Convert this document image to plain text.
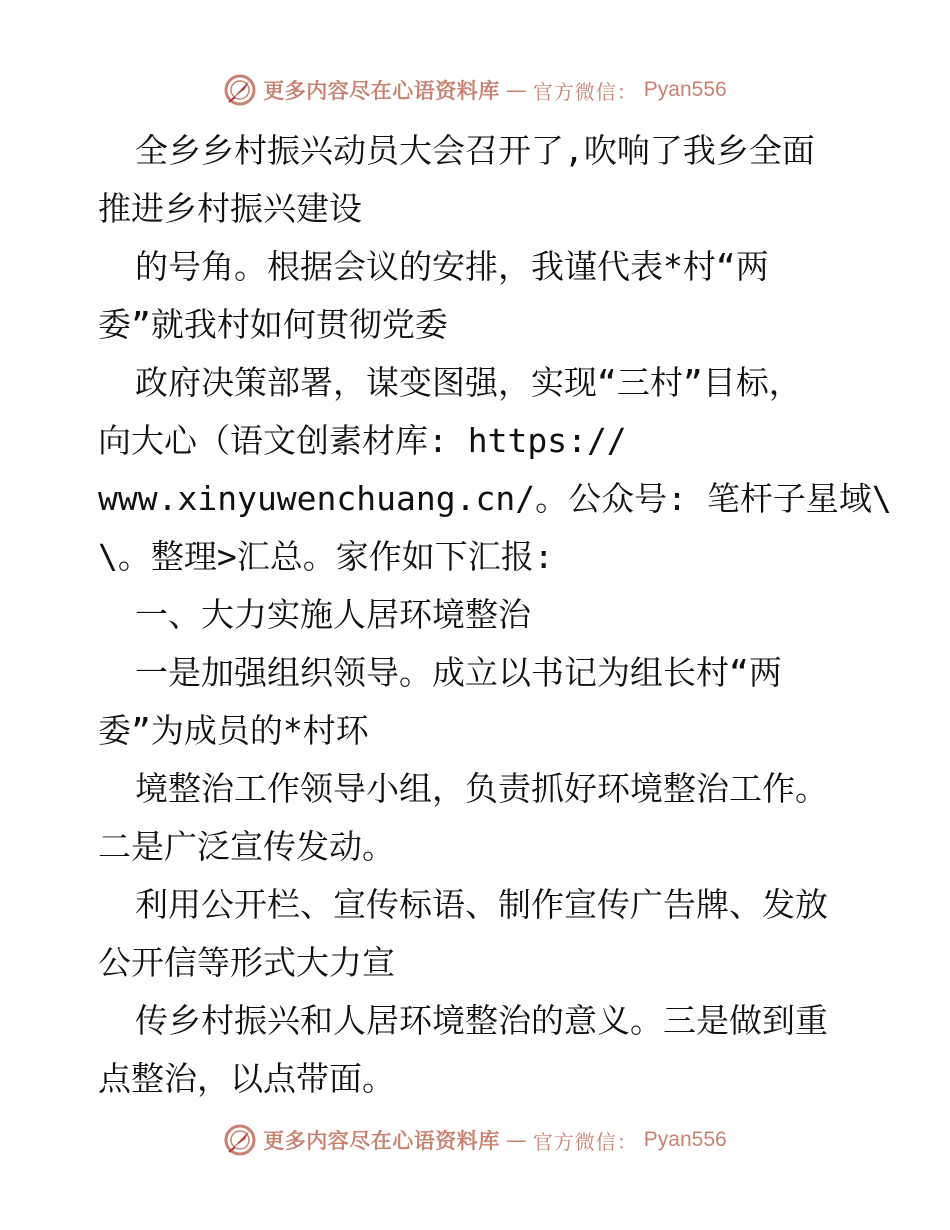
更多内容尽在心语资料库 — 官方微信： Pyan556
全乡乡村振兴动员大会召开了,吹响了我乡全面
推进乡村振兴建设
的号角。根据会议的安排，我谨代表*村“两
委”就我村如何贯彻党委
政府决策部署，谋变图强，实现“三村”目标，
向大心（语文创素材库: https://
www.xinyuwenchuang.cn/。公众号: 笔杆子星域\
\。整理>汇总。家作如下汇报:
一、大力实施人居环境整治
一是加强组织领导。成立以书记为组长村“两
委”为成员的*村环
境整治工作领导小组，负责抓好环境整治工作。
二是广泛宣传发动。
利用公开栏、宣传标语、制作宣传广告牌、发放
公开信等形式大力宣
传乡村振兴和人居环境整治的意义。三是做到重
点整治，以点带面。
更多内容尽在心语资料库 — 官方微信： Pyan556
